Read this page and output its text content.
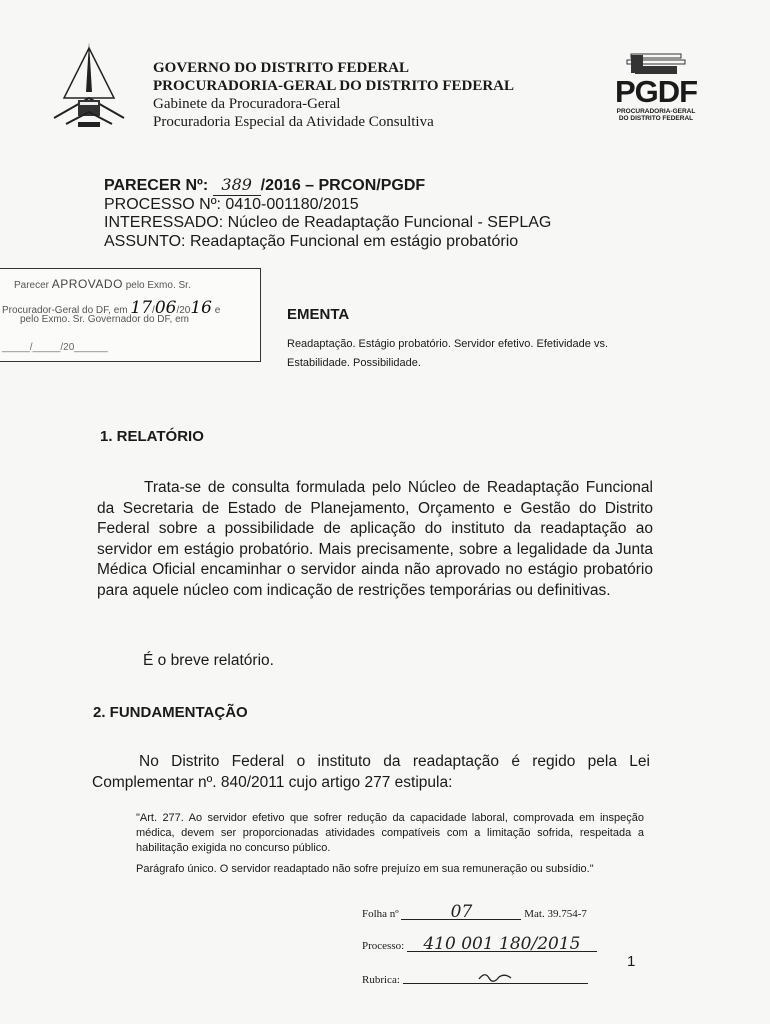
GOVERNO DO DISTRITO FEDERAL
PROCURADORIA-GERAL DO DISTRITO FEDERAL
Gabinete da Procuradora-Geral
Procuradoria Especial da Atividade Consultiva
PGDF
PROCURADORIA-GERAL
DO DISTRITO FEDERAL
PARECER Nº: 389 /2016 – PRCON/PGDF
PROCESSO Nº: 0410-001180/2015
INTERESSADO: Núcleo de Readaptação Funcional - SEPLAG
ASSUNTO: Readaptação Funcional em estágio probatório
Parecer APROVADO pelo Exmo. Sr.
Procurador-Geral do DF, em 17/06/2016 e
pelo Exmo. Sr. Governador do DF, em
_____/_____/20______
EMENTA
Readaptação. Estágio probatório. Servidor efetivo. Efetividade vs. Estabilidade. Possibilidade.
1. RELATÓRIO
Trata-se de consulta formulada pelo Núcleo de Readaptação Funcional da Secretaria de Estado de Planejamento, Orçamento e Gestão do Distrito Federal sobre a possibilidade de aplicação do instituto da readaptação ao servidor em estágio probatório. Mais precisamente, sobre a legalidade da Junta Médica Oficial encaminhar o servidor ainda não aprovado no estágio probatório para aquele núcleo com indicação de restrições temporárias ou definitivas.
É o breve relatório.
2. FUNDAMENTAÇÃO
No Distrito Federal o instituto da readaptação é regido pela Lei Complementar nº. 840/2011 cujo artigo 277 estipula:

"Art. 277. Ao servidor efetivo que sofrer redução da capacidade laboral, comprovada em inspeção médica, devem ser proporcionadas atividades compatíveis com a limitação sofrida, respeitada a habilitação exigida no concurso público.

Parágrafo único. O servidor readaptado não sofre prejuízo em sua remuneração ou subsídio."

Folha nº	07	Mat. 39.754-7
Processo: 410 001 180/2015
Rubrica:
1
